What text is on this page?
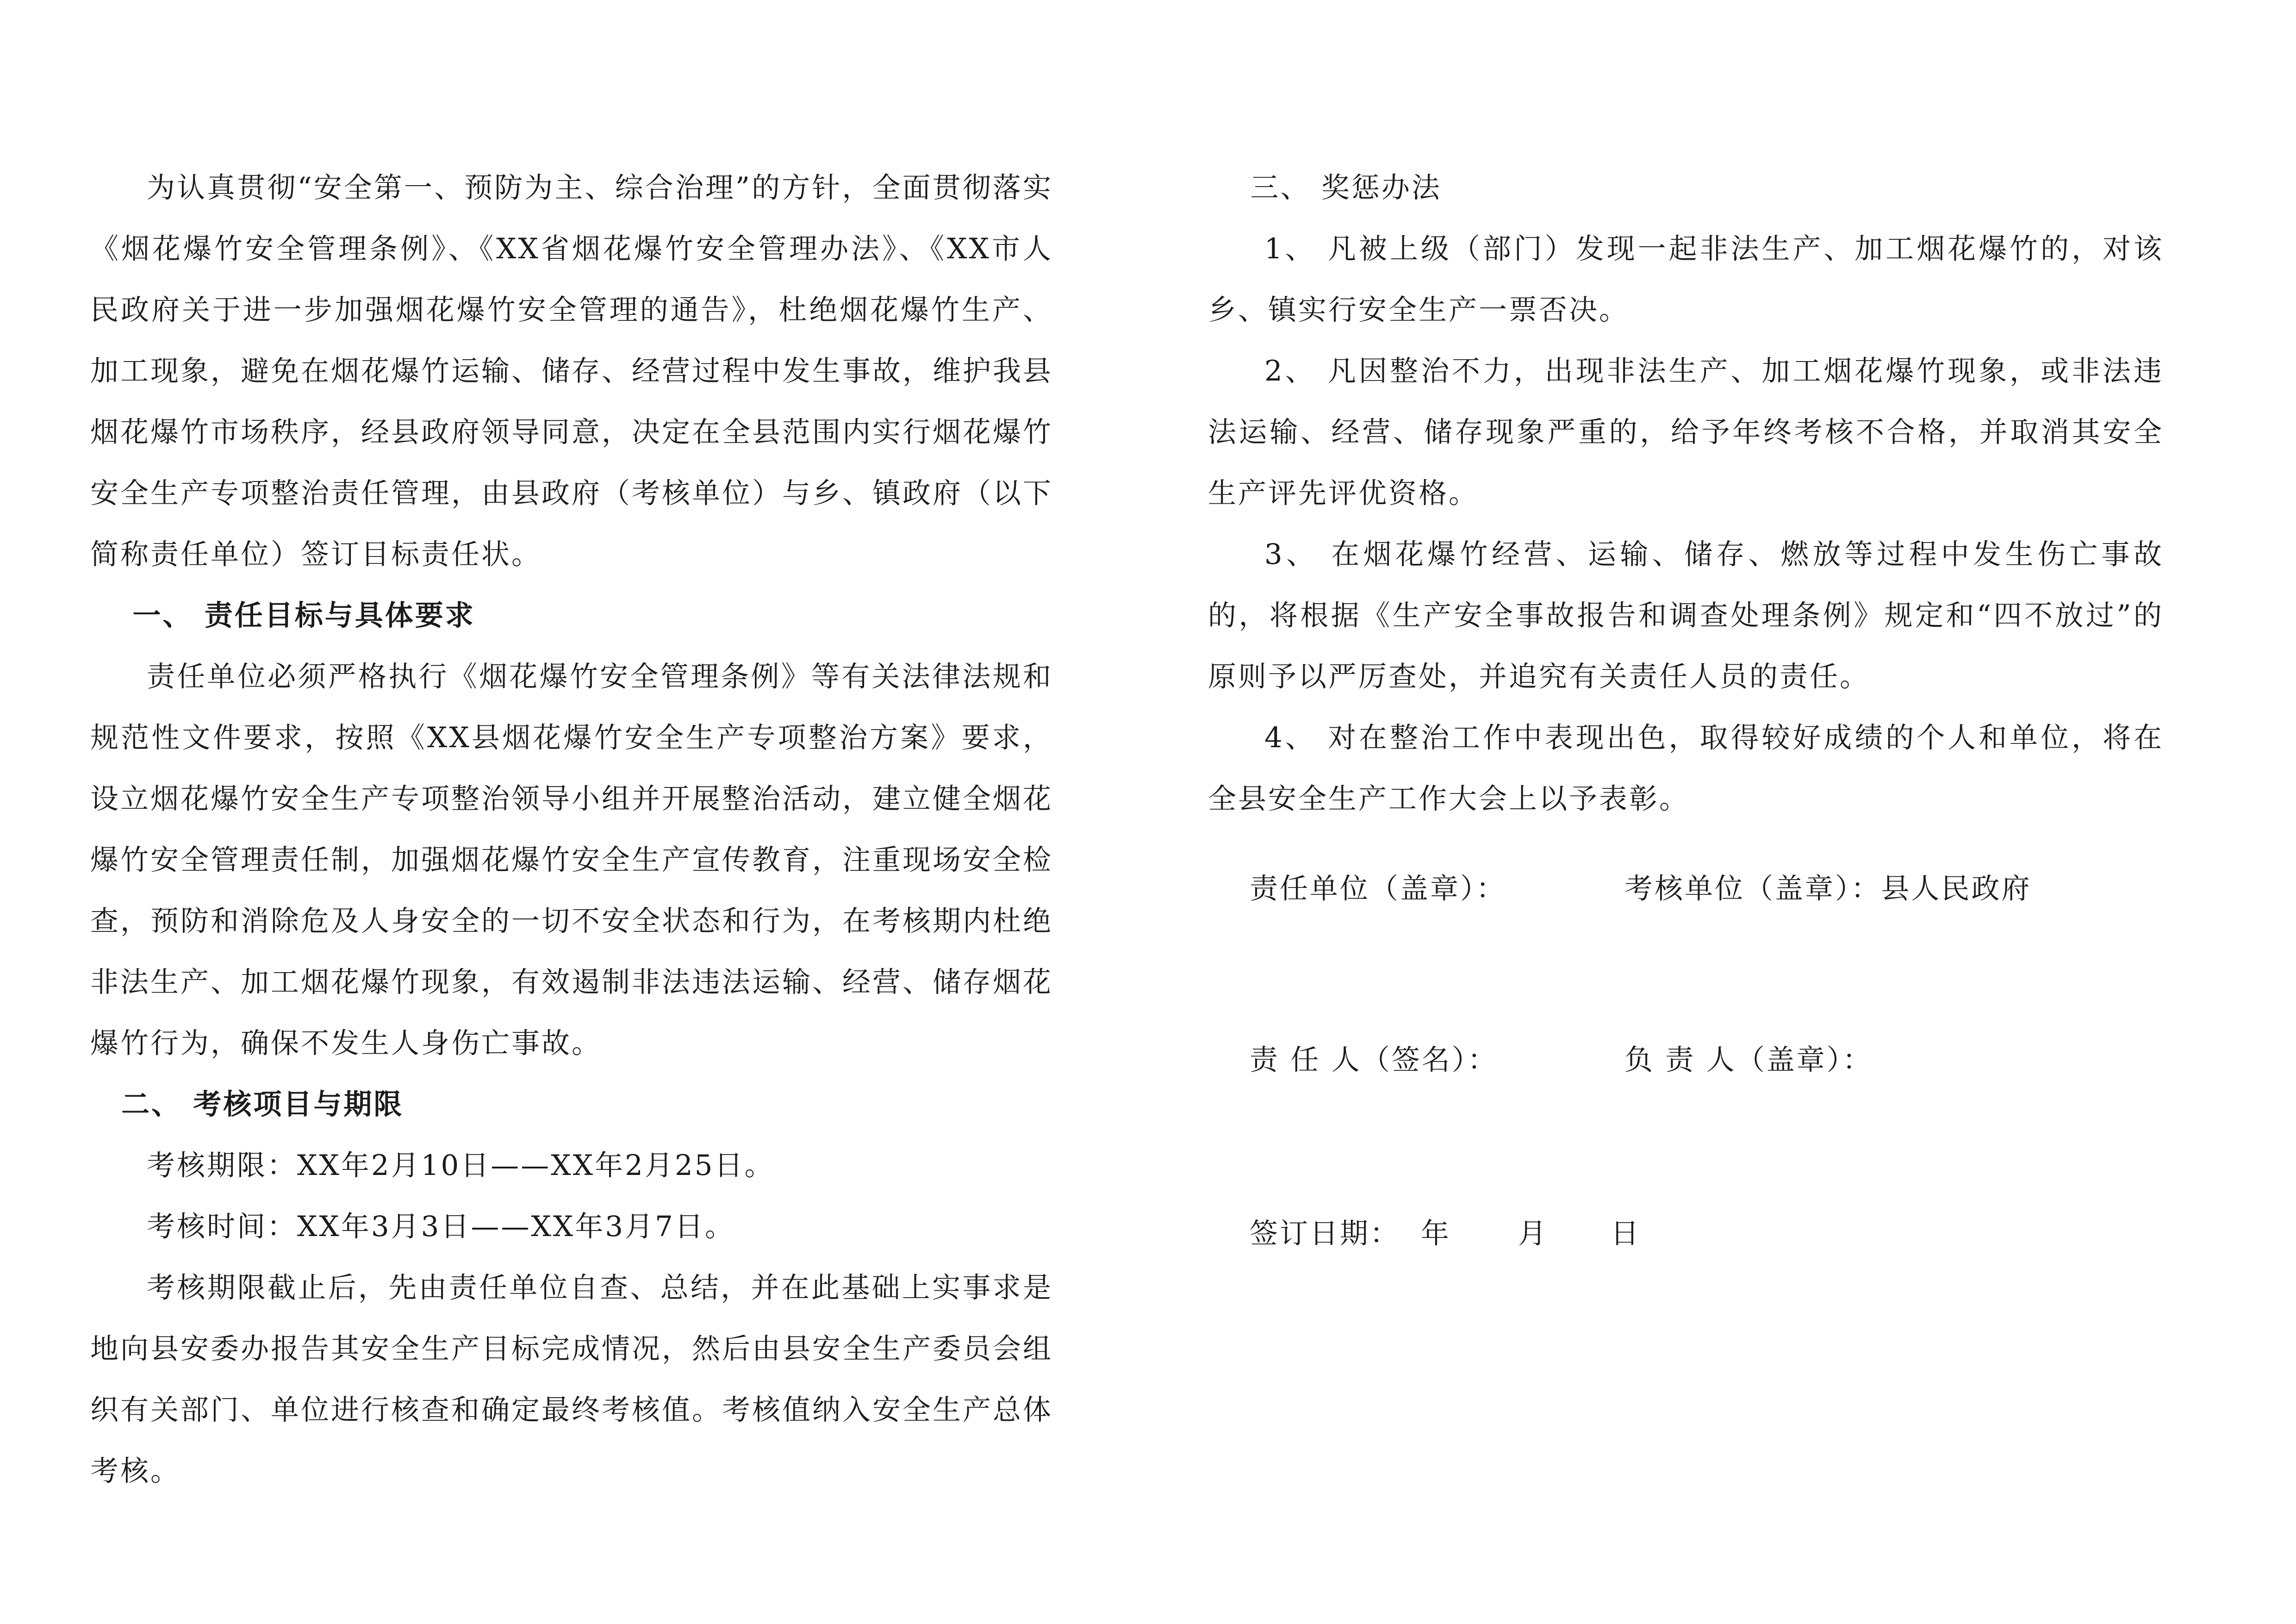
为认真贯彻“安全第一、预防为主、综合治理”的方针，全面贯彻落实《烟花爆竹安全管理条例》、《XX省烟花爆竹安全管理办法》、《XX市人民政府关于进一步加强烟花爆竹安全管理的通告》，杜绝烟花爆竹生产、加工现象，避免在烟花爆竹运输、储存、经营过程中发生事故，维护我县烟花爆竹市场秩序，经县政府领导同意，决定在全县范围内实行烟花爆竹安全生产专项整治责任管理，由县政府（考核单位）与乡、镇政府（以下简称责任单位）签订目标责任状。

一、 责任目标与具体要求

责任单位必须严格执行《烟花爆竹安全管理条例》等有关法律法规和规范性文件要求，按照《XX县烟花爆竹安全生产专项整治方案》要求，设立烟花爆竹安全生产专项整治领导小组并开展整治活动，建立健全烟花爆竹安全管理责任制，加强烟花爆竹安全生产宣传教育，注重现场安全检查，预防和消除危及人身安全的一切不安全状态和行为，在考核期内杜绝非法生产、加工烟花爆竹现象，有效遏制非法违法运输、经营、储存烟花爆竹行为，确保不发生人身伤亡事故。

二、 考核项目与期限

考核期限：XX年2月10日——XX年2月25日。

考核时间：XX年3月3日——XX年3月7日。

考核期限截止后，先由责任单位自查、总结，并在此基础上实事求是地向县安委办报告其安全生产目标完成情况，然后由县安全生产委员会组织有关部门、单位进行核查和确定最终考核值。考核值纳入安全生产总体考核。

三、 奖惩办法

1、 凡被上级（部门）发现一起非法生产、加工烟花爆竹的，对该乡、镇实行安全生产一票否决。

2、 凡因整治不力，出现非法生产、加工烟花爆竹现象，或非法违法运输、经营、储存现象严重的，给予年终考核不合格，并取消其安全生产评先评优资格。

3、 在烟花爆竹经营、运输、储存、燃放等过程中发生伤亡事故的，将根据《生产安全事故报告和调查处理条例》规定和“四不放过”的原则予以严厉查处，并追究有关责任人员的责任。

4、 对在整治工作中表现出色，取得较好成绩的个人和单位，将在全县安全生产工作大会上以予表彰。

责任单位（盖章）：	考核单位（盖章）：县人民政府
责 任 人（签名）：	负 责 人（盖章）：
签订日期： 年 月 日
